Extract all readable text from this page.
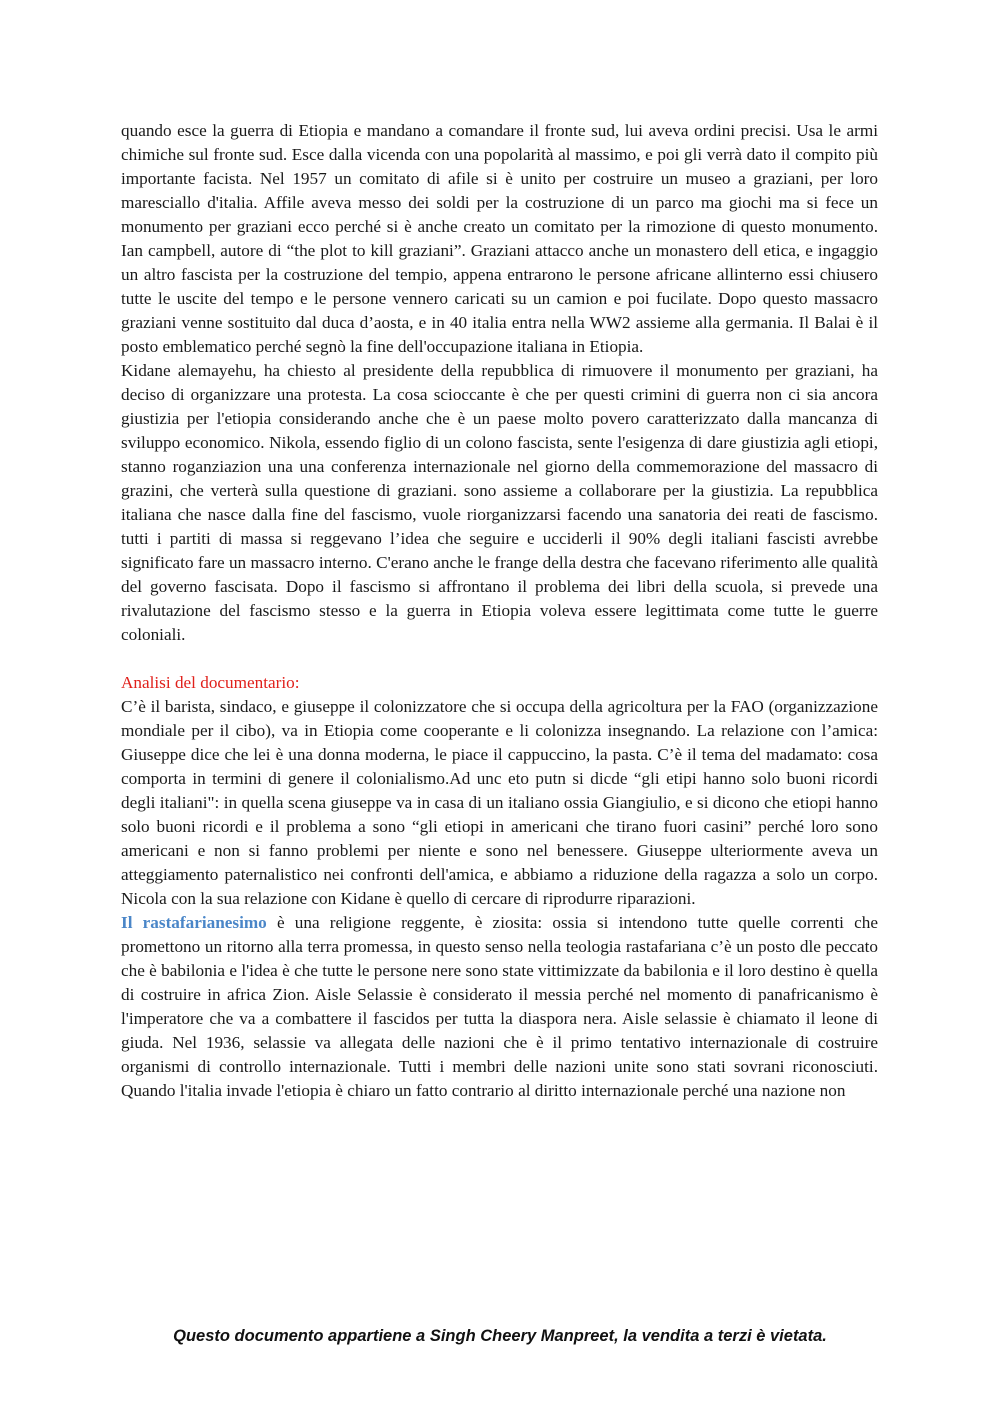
quando esce la guerra di Etiopia e mandano a comandare il fronte sud, lui aveva ordini precisi. Usa le armi chimiche sul fronte sud. Esce dalla vicenda con una popolarità al massimo, e poi gli verrà dato il compito più importante facista. Nel 1957 un comitato di afile si è unito per costruire un museo a graziani, per loro maresciallo d'italia. Affile aveva messo dei soldi per la costruzione di un parco ma giochi ma si fece un monumento per graziani ecco perché si è anche creato un comitato per la rimozione di questo monumento. Ian campbell, autore di “the plot to kill graziani”. Graziani attacco anche un monastero dell etica, e ingaggio un altro fascista per la costruzione del tempio, appena entrarono le persone africane allinterno essi chiusero tutte le uscite del tempo e le persone vennero caricati su un camion e poi fucilate. Dopo questo massacro graziani venne sostituito dal duca d’aosta, e in 40 italia entra nella WW2 assieme alla germania. Il Balai è il posto emblematico perché segnò la fine dell'occupazione italiana in Etiopia.

Kidane alemayehu, ha chiesto al presidente della repubblica di rimuovere il monumento per graziani, ha deciso di organizzare una protesta. La cosa scioccante è che per questi crimini di guerra non ci sia ancora giustizia per l'etiopia considerando anche che è un paese molto povero caratterizzato dalla mancanza di sviluppo economico. Nikola, essendo figlio di un colono fascista, sente l'esigenza di dare giustizia agli etiopi, stanno roganziazion una una conferenza internazionale nel giorno della commemorazione del massacro di grazini, che verterà sulla questione di graziani. sono assieme a collaborare per la giustizia. La repubblica italiana che nasce dalla fine del fascismo, vuole riorganizzarsi facendo una sanatoria dei reati de fascismo. tutti i partiti di massa si reggevano l’idea che seguire e ucciderli il 90% degli italiani fascisti avrebbe significato fare un massacro interno. C'erano anche le frange della destra che facevano riferimento alle qualità del governo fascisata. Dopo il fascismo si affrontano il problema dei libri della scuola, si prevede una rivalutazione del fascismo stesso e la guerra in Etiopia voleva essere legittimata come tutte le guerre coloniali.

Analisi del documentario:

C’è il barista, sindaco, e giuseppe il colonizzatore che si occupa della agricoltura per la FAO (organizzazione mondiale per il cibo), va in Etiopia come cooperante e li colonizza insegnando. La relazione con l’amica: Giuseppe dice che lei è una donna moderna, le piace il cappuccino, la pasta. C’è il tema del madamato: cosa comporta in termini di genere il colonialismo.Ad unc eto putn si dicde “gli etipi hanno solo buoni ricordi degli italiani": in quella scena giuseppe va in casa di un italiano ossia Giangiulio, e si dicono che etiopi hanno solo buoni ricordi e il problema a sono “gli etiopi in americani che tirano fuori casini” perché loro sono americani e non si fanno problemi per niente e sono nel benessere. Giuseppe ulteriormente aveva un atteggiamento paternalistico nei confronti dell'amica, e abbiamo a riduzione della ragazza a solo un corpo. Nicola con la sua relazione con Kidane è quello di cercare di riprodurre riparazioni.

Il rastafarianesimo è una religione reggente, è ziosita: ossia si intendono tutte quelle correnti che promettono un ritorno alla terra promessa, in questo senso nella teologia rastafariana c’è un posto dle peccato che è babilonia e l'idea è che tutte le persone nere sono state vittimizzate da babilonia e il loro destino è quella di costruire in africa Zion. Aisle Selassie è considerato il messia perché nel momento di panafricanismo è l'imperatore che va a combattere il fascidos per tutta la diaspora nera. Aisle selassie è chiamato il leone di giuda. Nel 1936, selassie va allegata delle nazioni che è il primo tentativo internazionale di costruire organismi di controllo internazionale. Tutti i membri delle nazioni unite sono stati sovrani riconosciuti. Quando l'italia invade l'etiopia è chiaro un fatto contrario al diritto internazionale perché una nazione non

Questo documento appartiene a Singh Cheery Manpreet, la vendita a terzi è vietata.
